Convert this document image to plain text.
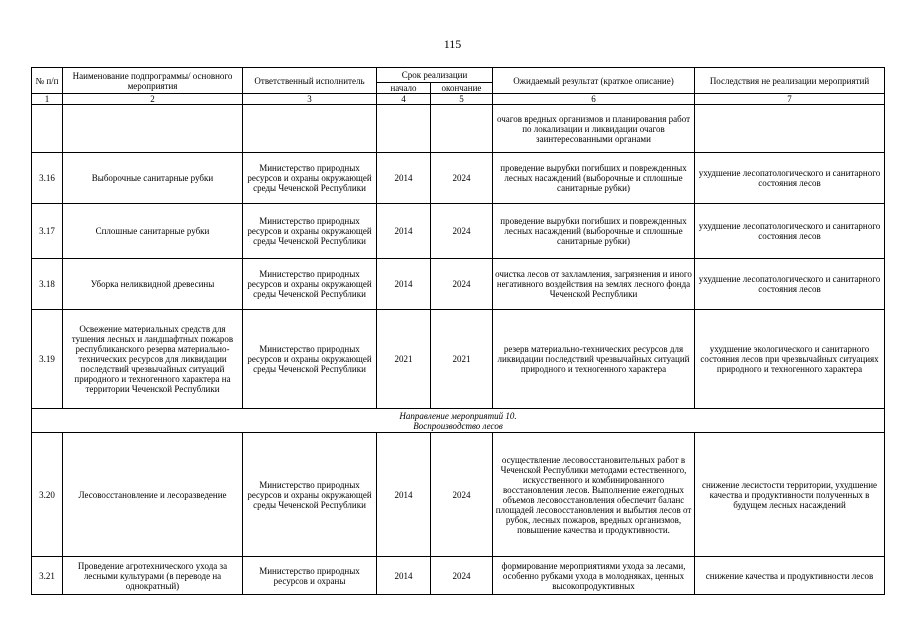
115
№ п/п	Наименование подпрограммы/ основного мероприятия	Ответственный исполнитель	Срок реализации		Ожидаемый результат (краткое описание)	Последствия не реализации мероприятий
			начало	окончание		
1	2	3	4	5	6	7
					очагов вредных организмов и планирования работ по локализации и ликвидации очагов заинтересованными органами	
3.16	Выборочные санитарные рубки	Министерство природных ресурсов и охраны окружающей среды Чеченской Республики	2014	2024	проведение вырубки погибших и поврежденных лесных насаждений (выборочные и сплошные санитарные рубки)	ухудшение лесопатологического и санитарного состояния лесов
3.17	Сплошные санитарные рубки	Министерство природных ресурсов и охраны окружающей среды Чеченской Республики	2014	2024	проведение вырубки погибших и поврежденных лесных насаждений (выборочные и сплошные санитарные рубки)	ухудшение лесопатологического и санитарного состояния лесов
3.18	Уборка неликвидной древесины	Министерство природных ресурсов и охраны окружающей среды Чеченской Республики	2014	2024	очистка лесов от захламления, загрязнения и иного негативного воздействия на землях лесного фонда Чеченской Республики	ухудшение лесопатологического и санитарного состояния лесов
3.19	Освежение материальных средств для тушения лесных и ландшафтных пожаров республиканского резерва материально-технических ресурсов для ликвидации последствий чрезвычайных ситуаций природного и техногенного характера на территории Чеченской Республики	Министерство природных ресурсов и охраны окружающей среды Чеченской Республики	2021	2021	резерв материально-технических ресурсов для ликвидации последствий чрезвычайных ситуаций природного и техногенного характера	ухудшение экологического и санитарного состояния лесов при чрезвычайных ситуациях природного и техногенного характера

Направление мероприятий 10.
Воспроизводство лесов						

3.20	Лесовосстановление и лесоразведение	Министерство природных ресурсов и охраны окружающей среды Чеченской Республики	2014	2024	осуществление лесовосстановительных работ в Чеченской Республики методами естественного, искусственного и комбинированного восстановления лесов. Выполнение ежегодных объемов лесовосстановления обеспечит баланс площадей лесовосстановления и выбытия лесов от рубок, лесных пожаров, вредных организмов, повышение качества и продуктивности.	снижение лесистости территории, ухудшение качества и продуктивности полученных в будущем лесных насаждений
3.21	Проведение агротехнического ухода за лесными культурами (в переводе на однократный)	Министерство природных ресурсов и охраны	2014	2024	формирование мероприятиями ухода за лесами, особенно рубками ухода в молодняках, ценных высокопродуктивных	снижение качества и продуктивности лесов
